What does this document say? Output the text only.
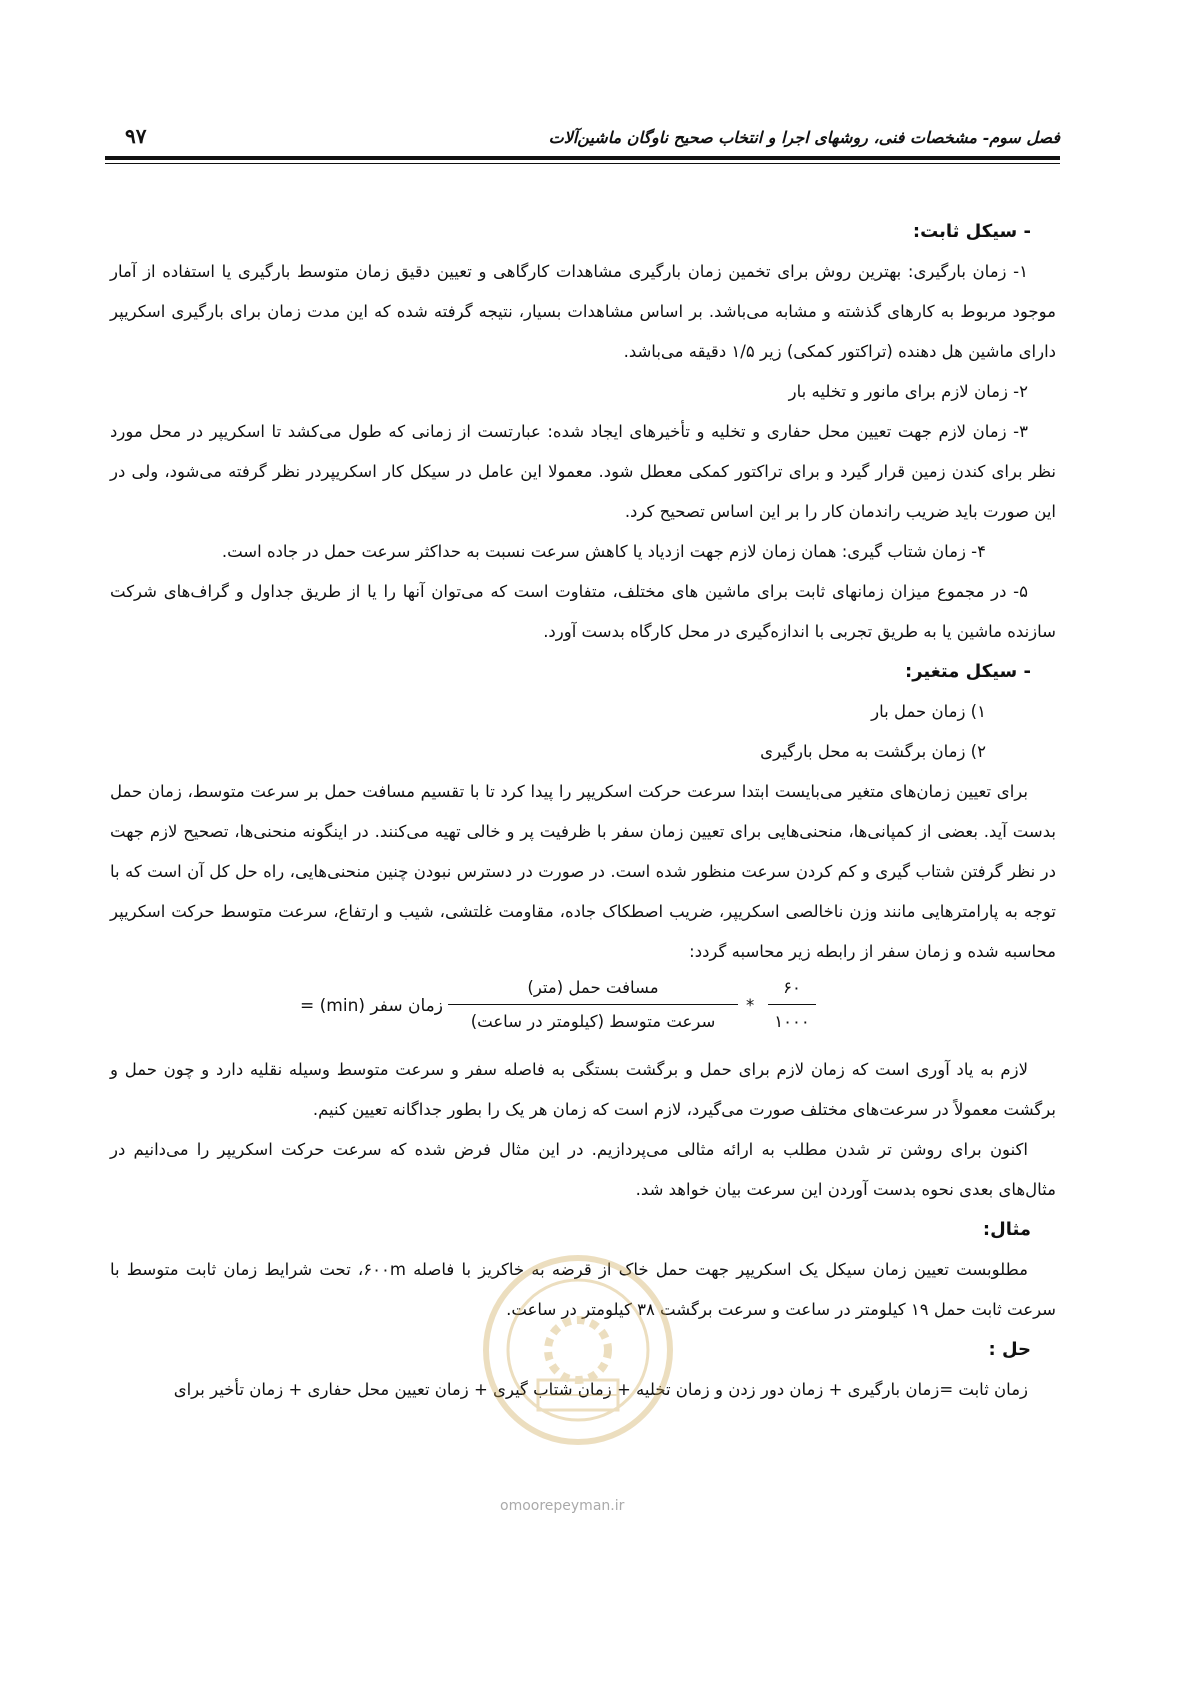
فصل سوم- مشخصات فنی، روشهای اجرا و انتخاب صحیح ناوگان ماشین‌آلات
۹۷

- سیکل ثابت:

۱- زمان بارگیری: بهترین روش برای تخمین زمان بارگیری مشاهدات کارگاهی و تعیین دقیق زمان متوسط بارگیری یا استفاده از آمار موجود مربوط به کارهای گذشته و مشابه می‌باشد. بر اساس مشاهدات بسیار، نتیجه گرفته شده که این مدت زمان برای بارگیری اسکریپر دارای ماشین هل دهنده (تراکتور کمکی) زیر ۱/۵ دقیقه می‌باشد.

۲- زمان لازم برای مانور و تخلیه بار

۳- زمان لازم جهت تعیین محل حفاری و تخلیه و تأخیرهای ایجاد شده: عبارتست از زمانی که طول می‌کشد تا اسکریپر در محل مورد نظر برای کندن زمین قرار گیرد و برای تراکتور کمکی معطل شود. معمولا این عامل در سیکل کار اسکریپردر نظر گرفته می‌شود، ولی در این صورت باید ضریب راندمان کار را بر این اساس تصحیح کرد.

۴- زمان شتاب گیری: همان زمان لازم جهت ازدیاد یا کاهش سرعت نسبت به حداکثر سرعت حمل در جاده است.

۵- در مجموع میزان زمانهای ثابت برای ماشین های مختلف، متفاوت است که می‌توان آنها را یا از طریق جداول و گراف‌های شرکت سازنده ماشین یا به طریق تجربی با اندازه‌گیری در محل کارگاه بدست آورد.

- سیکل متغیر:

۱) زمان حمل بار

۲) زمان برگشت به محل بارگیری

برای تعیین زمان‌های متغیر می‌بایست ابتدا سرعت حرکت اسکریپر را پیدا کرد تا با تقسیم مسافت حمل بر سرعت متوسط، زمان حمل بدست آید. بعضی از کمپانی‌ها، منحنی‌هایی برای تعیین زمان سفر با ظرفیت پر و خالی تهیه می‌کنند. در اینگونه منحنی‌ها، تصحیح لازم جهت در نظر گرفتن شتاب گیری و کم کردن سرعت منظور شده است. در صورت در دسترس نبودن چنین منحنی‌هایی، راه حل کل آن است که با توجه به پارامترهایی مانند وزن ناخالصی اسکریپر، ضریب اصطکاک جاده، مقاومت غلتشی، شیب و ارتفاع، سرعت متوسط حرکت اسکریپر محاسبه شده و زمان سفر از رابطه زیر محاسبه گردد:

زمان سفر (min) =
مسافت حمل (متر)
سرعت متوسط (کیلومتر در ساعت)
*
۶۰
۱۰۰۰

لازم به یاد آوری است که زمان لازم برای حمل و برگشت بستگی به فاصله سفر و سرعت متوسط وسیله نقلیه دارد و چون حمل و برگشت معمولاً در سرعت‌های مختلف صورت می‌گیرد، لازم است که زمان هر یک را بطور جداگانه تعیین کنیم.

اکنون برای روشن تر شدن مطلب به ارائه مثالی می‌پردازیم. در این مثال فرض شده که سرعت حرکت اسکریپر را می‌دانیم در مثال‌های بعدی نحوه بدست آوردن این سرعت بیان خواهد شد.

مثال:

مطلوبست تعیین زمان سیکل یک اسکریپر جهت حمل خاک از قرضه به خاکریز با فاصله ۶۰۰m، تحت شرایط زمان ثابت متوسط با سرعت ثابت حمل ۱۹ کیلومتر در ساعت و سرعت برگشت ۳۸ کیلومتر در ساعت.

حل :

زمان ثابت =زمان بارگیری + زمان دور زدن و زمان تخلیه + زمان شتاب گیری + زمان تعیین محل حفاری + زمان تأخیر برای

omoorepeyman.ir
